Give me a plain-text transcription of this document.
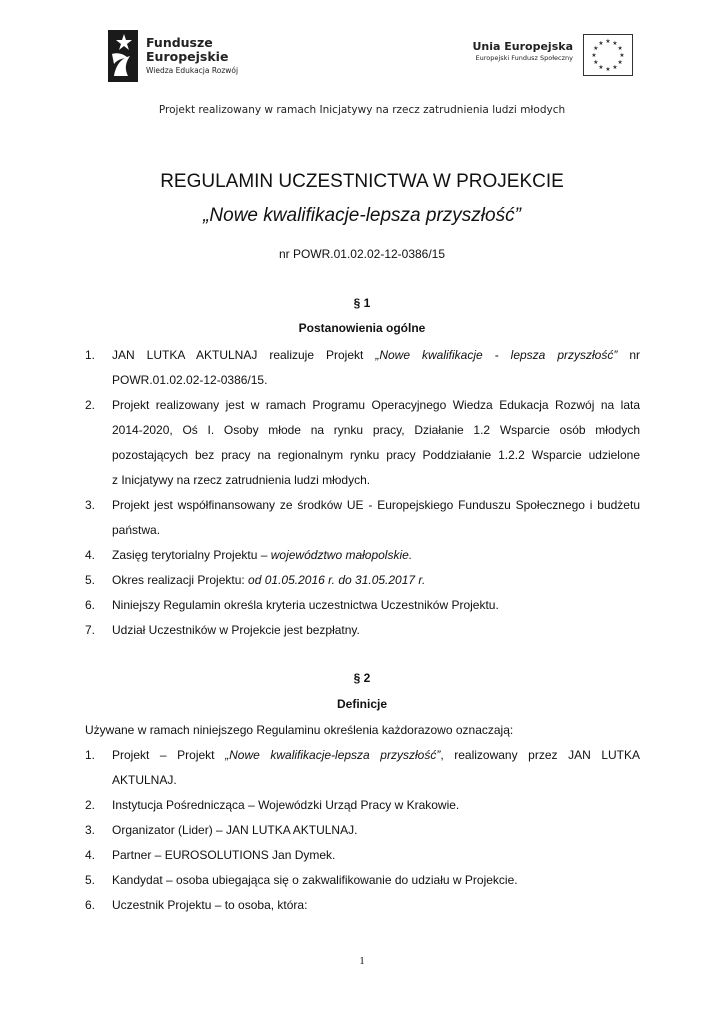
Fundusze
Europejskie
Wiedza Edukacja Rozwój
Unia Europejska
Europejski Fundusz Społeczny
★ ★
★
★
★
★
★
★
★
★
★
★
Projekt realizowany w ramach Inicjatywy na rzecz zatrudnienia ludzi młodych
REGULAMIN UCZESTNICTWA W PROJEKCIE
„Nowe kwalifikacje-lepsza przyszłość”
nr POWR.01.02.02-12-0386/15
§ 1
Postanowienia ogólne
1.	JAN LUTKA AKTULNAJ realizuje Projekt „Nowe kwalifikacje - lepsza przyszłość” nr
POWR.01.02.02-12-0386/15.
2.	Projekt realizowany jest w ramach Programu Operacyjnego Wiedza Edukacja Rozwój na lata
2014-2020, Oś I. Osoby młode na rynku pracy, Działanie 1.2 Wsparcie osób młodych
pozostających bez pracy na regionalnym rynku pracy Poddziałanie 1.2.2 Wsparcie udzielone
z Inicjatywy na rzecz zatrudnienia ludzi młodych.
3.	Projekt jest współfinansowany ze środków UE - Europejskiego Funduszu Społecznego i budżetu
państwa.
4.	Zasięg terytorialny Projektu – województwo małopolskie.
5.	Okres realizacji Projektu: od 01.05.2016 r. do 31.05.2017 r.
6.	Niniejszy Regulamin określa kryteria uczestnictwa Uczestników Projektu.
7.	Udział Uczestników w Projekcie jest bezpłatny.
§ 2
Definicje
Używane w ramach niniejszego Regulaminu określenia każdorazowo oznaczają:
1.	Projekt – Projekt „Nowe kwalifikacje-lepsza przyszłość”, realizowany przez JAN LUTKA
AKTULNAJ.
2.	Instytucja Pośrednicząca – Wojewódzki Urząd Pracy w Krakowie.
3.	Organizator (Lider) – JAN LUTKA AKTULNAJ.
4.	Partner – EUROSOLUTIONS Jan Dymek.
5.	Kandydat – osoba ubiegająca się o zakwalifikowanie do udziału w Projekcie.
6.	Uczestnik Projektu – to osoba, która:
1
